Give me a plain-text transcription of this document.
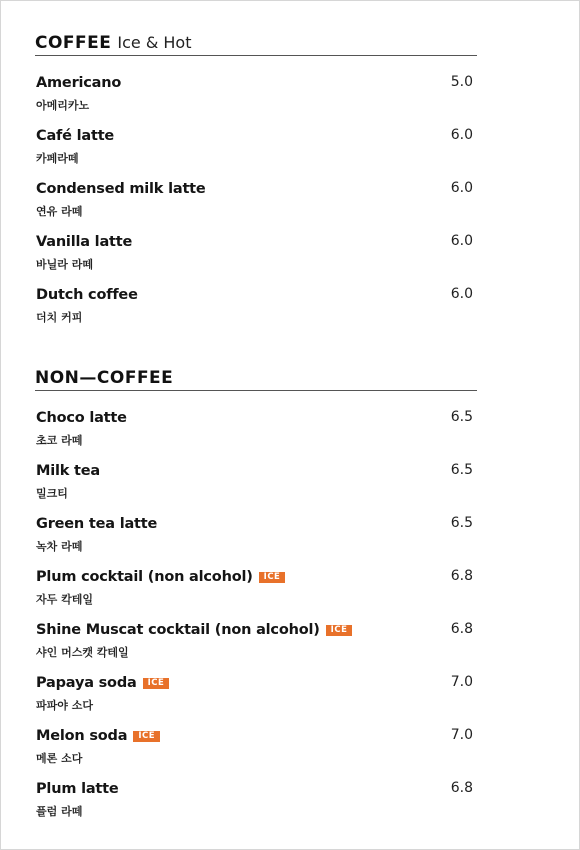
COFFEE Ice & Hot
Americano
아메리카노
5.0
Café latte
카페라떼
6.0
Condensed milk latte
연유 라떼
6.0
Vanilla latte
바닐라 라떼
6.0
Dutch coffee
더치 커피
6.0
NON—COFFEE
Choco latte
초코 라떼
6.5
Milk tea
밀크티
6.5
Green tea latte
녹차 라떼
6.5
Plum cocktail (non alcohol)	ICE
자두 칵테일
6.8
Shine Muscat cocktail (non alcohol)	ICE
샤인 머스캣 칵테일
6.8
Papaya soda	ICE
파파야 소다
7.0
Melon soda	ICE
메론 소다
7.0
Plum latte
플럼 라떼
6.8
